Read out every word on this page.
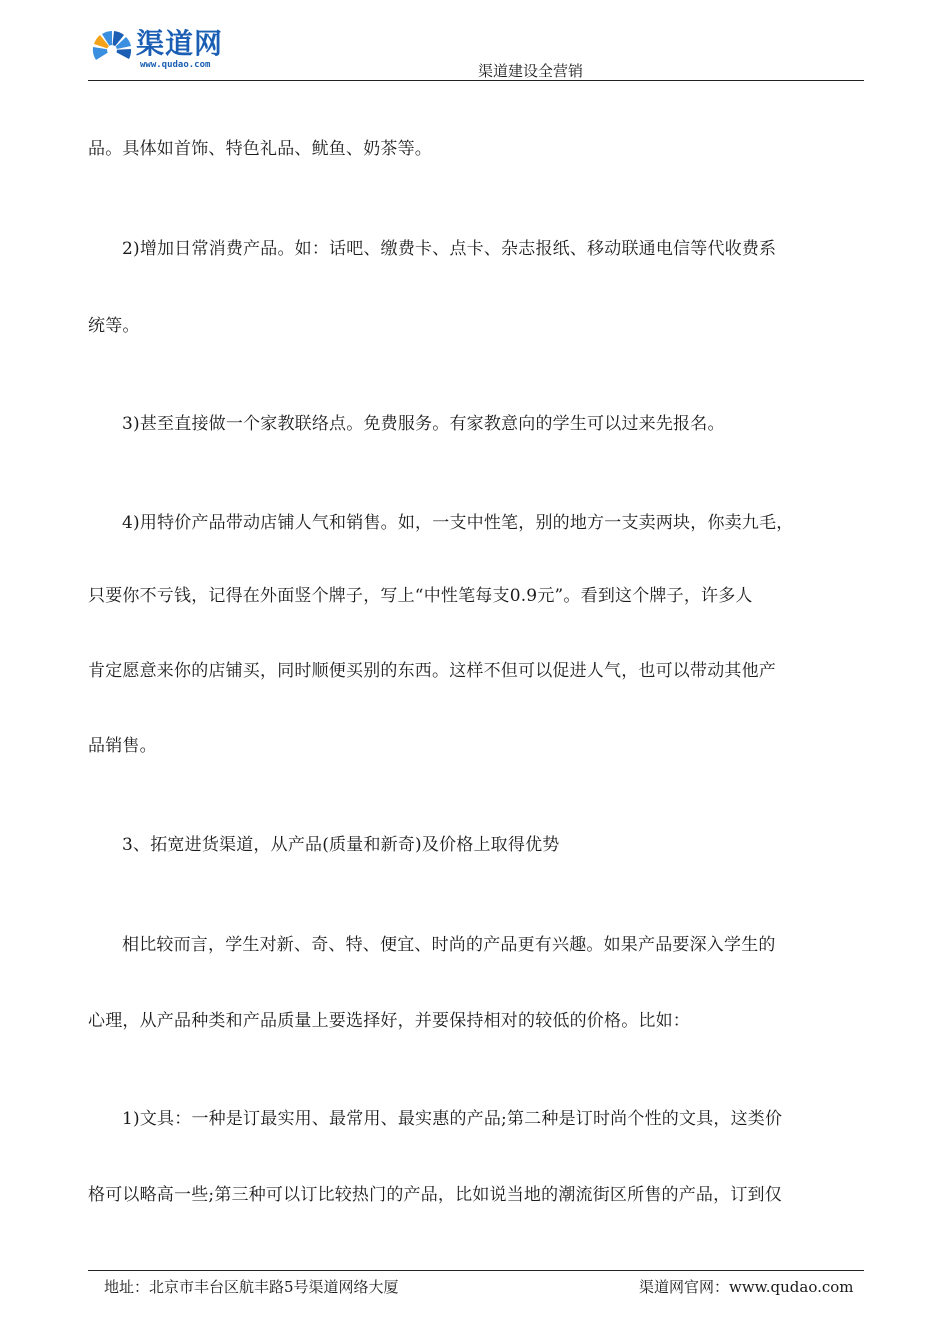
渠道网
www.qudao.com	渠道建设全营销
品。具体如首饰、特色礼品、鱿鱼、奶茶等。
2)增加日常消费产品。如：话吧、缴费卡、点卡、杂志报纸、移动联通电信等代收费系
统等。
3)甚至直接做一个家教联络点。免费服务。有家教意向的学生可以过来先报名。
4)用特价产品带动店铺人气和销售。如，一支中性笔，别的地方一支卖两块，你卖九毛，
只要你不亏钱，记得在外面竖个牌子，写上“中性笔每支0.9元”。看到这个牌子，许多人
肯定愿意来你的店铺买，同时顺便买别的东西。这样不但可以促进人气，也可以带动其他产
品销售。
3、拓宽进货渠道，从产品(质量和新奇)及价格上取得优势
相比较而言，学生对新、奇、特、便宜、时尚的产品更有兴趣。如果产品要深入学生的
心理，从产品种类和产品质量上要选择好，并要保持相对的较低的价格。比如：
1)文具：一种是订最实用、最常用、最实惠的产品;第二种是订时尚个性的文具，这类价
格可以略高一些;第三种可以订比较热门的产品，比如说当地的潮流街区所售的产品，订到仅
地址：北京市丰台区航丰路5号渠道网络大厦	渠道网官网：www.qudao.com
